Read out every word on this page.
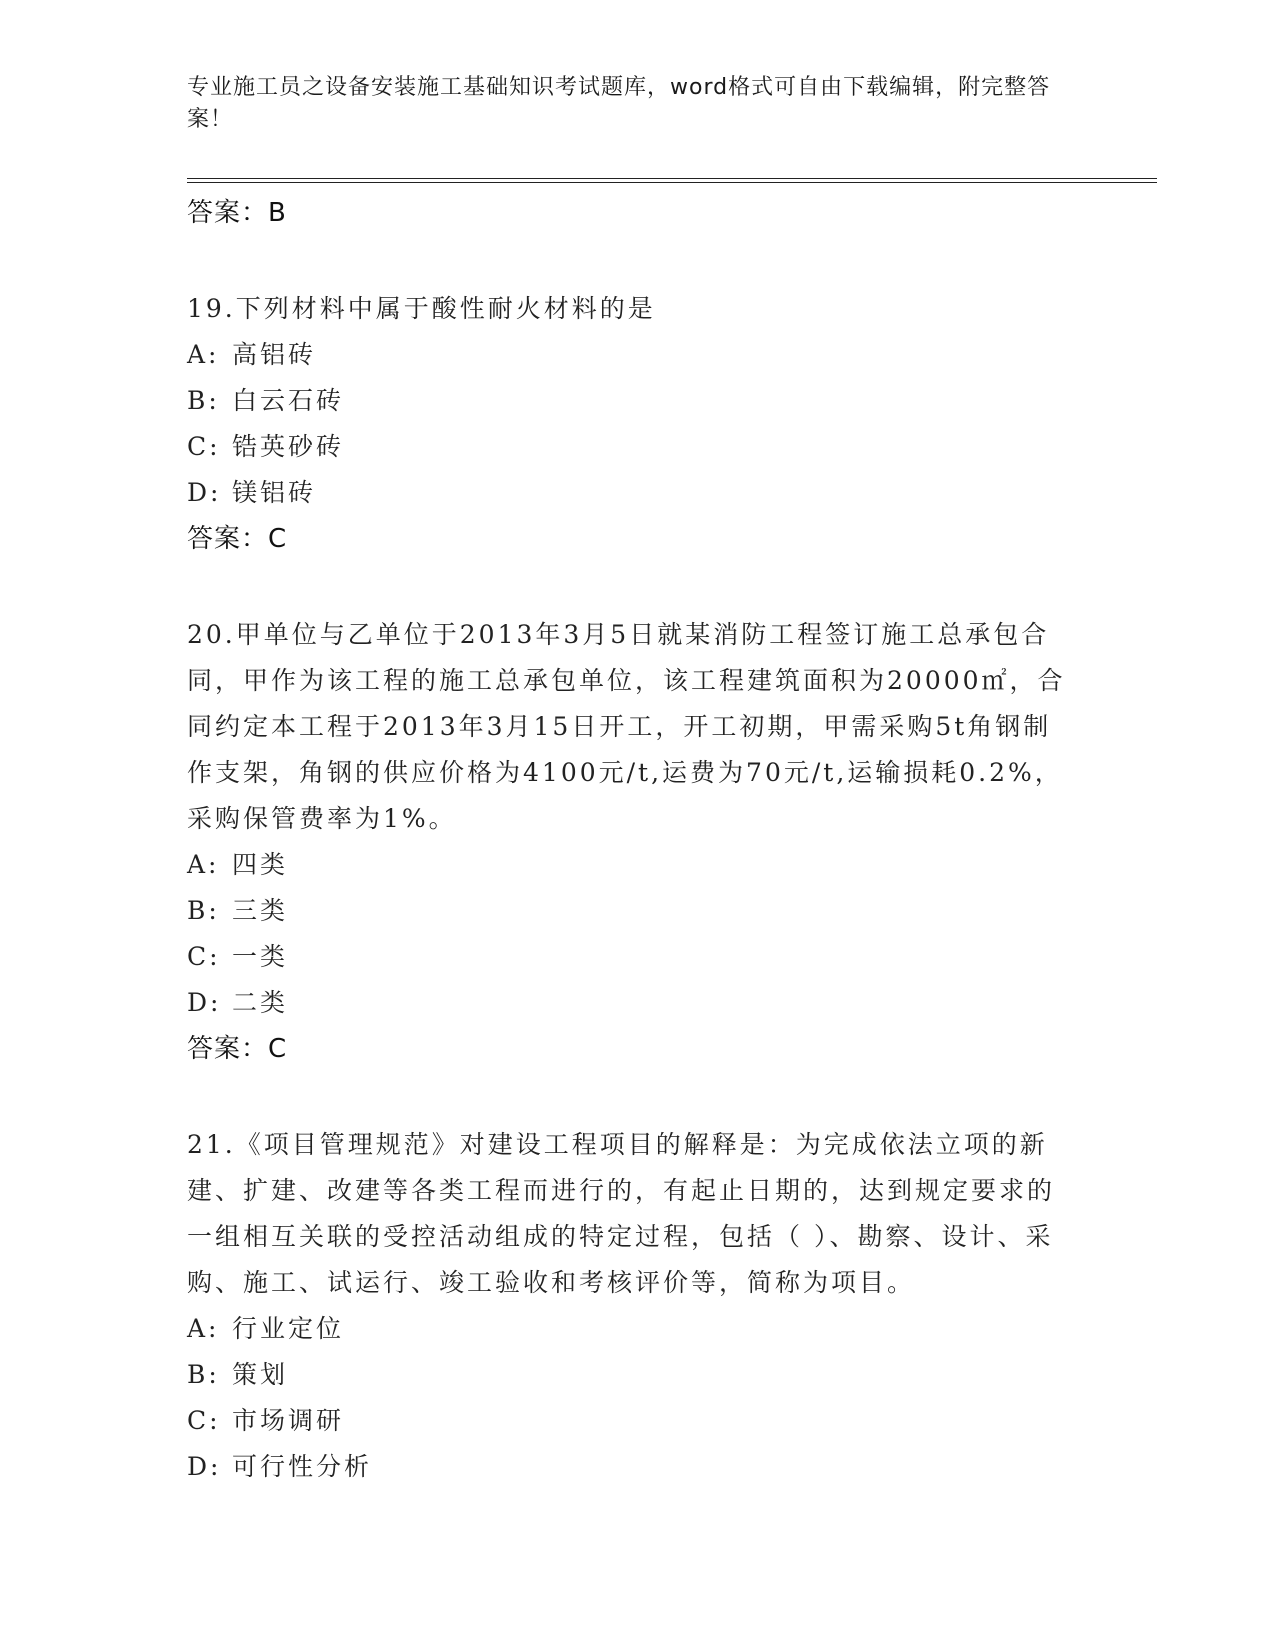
专业施工员之设备安装施工基础知识考试题库，word格式可自由下载编辑，附完整答案！
答案：B
19.下列材料中属于酸性耐火材料的是
A: 高铝砖
B: 白云石砖
C: 锆英砂砖
D: 镁铝砖
答案：C
20.甲单位与乙单位于2013年3月5日就某消防工程签订施工总承包合同，甲作为该工程的施工总承包单位，该工程建筑面积为20000㎡，合同约定本工程于2013年3月15日开工，开工初期，甲需采购5t角钢制作支架，角钢的供应价格为4100元/t,运费为70元/t,运输损耗0.2%，采购保管费率为1%。
A: 四类
B: 三类
C: 一类
D: 二类
答案：C
21.《项目管理规范》对建设工程项目的解释是：为完成依法立项的新建、扩建、改建等各类工程而进行的，有起止日期的，达到规定要求的一组相互关联的受控活动组成的特定过程，包括（ ）、勘察、设计、采购、施工、试运行、竣工验收和考核评价等，简称为项目。
A: 行业定位
B: 策划
C: 市场调研
D: 可行性分析
